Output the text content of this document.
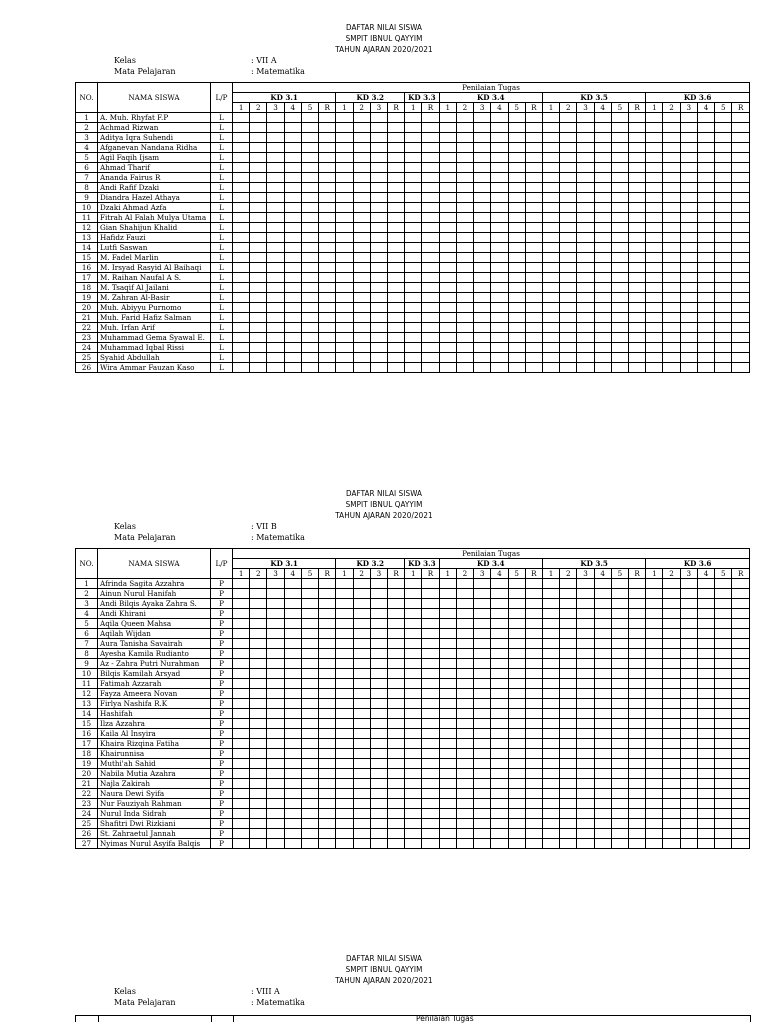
DAFTAR NILAI SISWA
SMPIT IBNUL QAYYIM
TAHUN AJARAN 2020/2021
Kelas	: VII A
Mata Pelajaran	: Matematika
NO.	NAMA SISWA	L/P	Penilaian Tugas																													
			KD 3.1						KD 3.2				KD 3.3		KD 3.4						KD 3.5						KD 3.6					
			1	2	3	4	5	R	1	2	3	R	1	R	1	2	3	4	5	R	1	2	3	4	5	R	1	2	3	4	5	R
1	A. Muh. Rhyfat F.P	L																														
2	Achmad Rizwan	L																														
3	Aditya Iqra Suhendi	L																														
4	Afganevan Nandana Ridha	L																														
5	Agil Faqih Ijsam	L																														
6	Ahmad Tharif	L																														
7	Ananda Fairus R	L																														
8	Andi Rafif Dzaki	L																														
9	Diandra Hazel Athaya	L																														
10	Dzaki Ahmad Azfa	L																														
11	Fitrah Al Falah Mulya Utama	L																														
12	Gian Shahijun Khalid	L																														
13	Hafidz Fauzi	L																														
14	Lutfi Saswan	L																														
15	M. Fadel Marlin	L																														
16	M. Irsyad Rasyid Al Baihaqi	L																														
17	M. Raihan Naufal A S.	L																														
18	M. Tsaqif Al Jailani	L																														
19	M. Zahran Al-Basir	L																														
20	Muh. Abiyyu Purnomo	L																														
21	Muh. Farid Hafiz Salman	L																														
22	Muh. Irfan Arif	L																														
23	Muhammad Gema Syawal E.	L																														
24	Muhammad Iqbal Rissi	L																														
25	Syahid Abdullah	L																														
26	Wira Ammar Fauzan Kaso	L																														
DAFTAR NILAI SISWA
SMPIT IBNUL QAYYIM
TAHUN AJARAN 2020/2021
Kelas	: VII B
Mata Pelajaran	: Matematika
NO.	NAMA SISWA	L/P	Penilaian Tugas																													
			KD 3.1						KD 3.2				KD 3.3		KD 3.4						KD 3.5						KD 3.6					
			1	2	3	4	5	R	1	2	3	R	1	R	1	2	3	4	5	R	1	2	3	4	5	R	1	2	3	4	5	R
1	Afrinda Sagita Azzahra	P																														
2	Ainun Nurul Hanifah	P																														
3	Andi Bilqis Ayaka Zahra S.	P																														
4	Andi Khirani	P																														
5	Aqila Queen Mahsa	P																														
6	Aqilah Wijdan	P																														
7	Aura Tanisha Savairah	P																														
8	Ayesha Kamila Rudianto	P																														
9	Az - Zahra Putri Nurahman	P																														
10	Bilqis Kamilah Arsyad	P																														
11	Fatimah Azzarah	P																														
12	Fayza Ameera Novan	P																														
13	Firlya Nashifa R.K	P																														
14	Hashifah	P																														
15	Ilza Azzahra	P																														
16	Kaila Al Insyira	P																														
17	Khaira Rizqina Fatiha	P																														
18	Khairunnisa	P																														
19	Muthi'ah Sahid	P																														
20	Nabila Mutia Azahra	P																														
21	Najla Zakirah	P																														
22	Naura Dewi Syifa	P																														
23	Nur Fauziyah Rahman	P																														
24	Nurul Inda Sidrah	P																														
25	Shafitri Dwi Rizkiani	P																														
26	St. Zahraetul Jannah	P																														
27	Nyimas Nurul Asyifa Balqis	P																														
DAFTAR NILAI SISWA
SMPIT IBNUL QAYYIM
TAHUN AJARAN 2020/2021
Kelas	: VIII A
Mata Pelajaran	: Matematika
Penilaian Tugas
